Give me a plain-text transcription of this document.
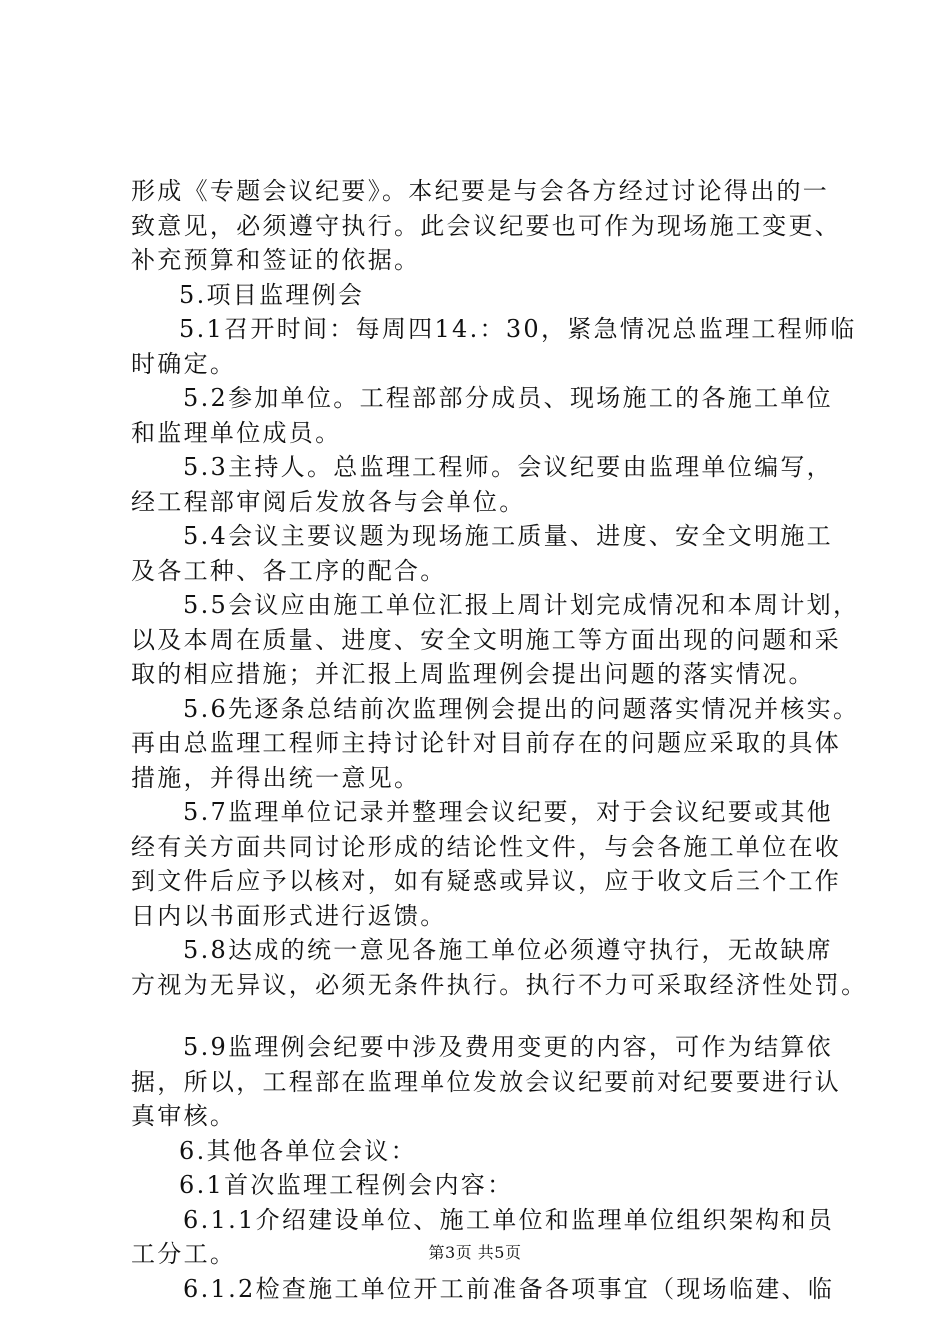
形成《专题会议纪要》。本纪要是与会各方经过讨论得出的一
致意见，必须遵守执行。此会议纪要也可作为现场施工变更、
补充预算和签证的依据。
5.项目监理例会
5.1召开时间：每周四14.：30，紧急情况总监理工程师临
时确定。
5.2参加单位。工程部部分成员、现场施工的各施工单位
和监理单位成员。
5.3主持人。总监理工程师。会议纪要由监理单位编写，
经工程部审阅后发放各与会单位。
5.4会议主要议题为现场施工质量、进度、安全文明施工
及各工种、各工序的配合。
5.5会议应由施工单位汇报上周计划完成情况和本周计划，
以及本周在质量、进度、安全文明施工等方面出现的问题和采
取的相应措施；并汇报上周监理例会提出问题的落实情况。
5.6先逐条总结前次监理例会提出的问题落实情况并核实。
再由总监理工程师主持讨论针对目前存在的问题应采取的具体
措施，并得出统一意见。
5.7监理单位记录并整理会议纪要，对于会议纪要或其他
经有关方面共同讨论形成的结论性文件，与会各施工单位在收
到文件后应予以核对，如有疑惑或异议，应于收文后三个工作
日内以书面形式进行返馈。
5.8达成的统一意见各施工单位必须遵守执行，无故缺席
方视为无异议，必须无条件执行。执行不力可采取经济性处罚。
5.9监理例会纪要中涉及费用变更的内容，可作为结算依
据，所以，工程部在监理单位发放会议纪要前对纪要要进行认
真审核。
6.其他各单位会议：
6.1首次监理工程例会内容：
6.1.1介绍建设单位、施工单位和监理单位组织架构和员
工分工。
6.1.2检查施工单位开工前准备各项事宜（现场临建、临
第3页 共5页
